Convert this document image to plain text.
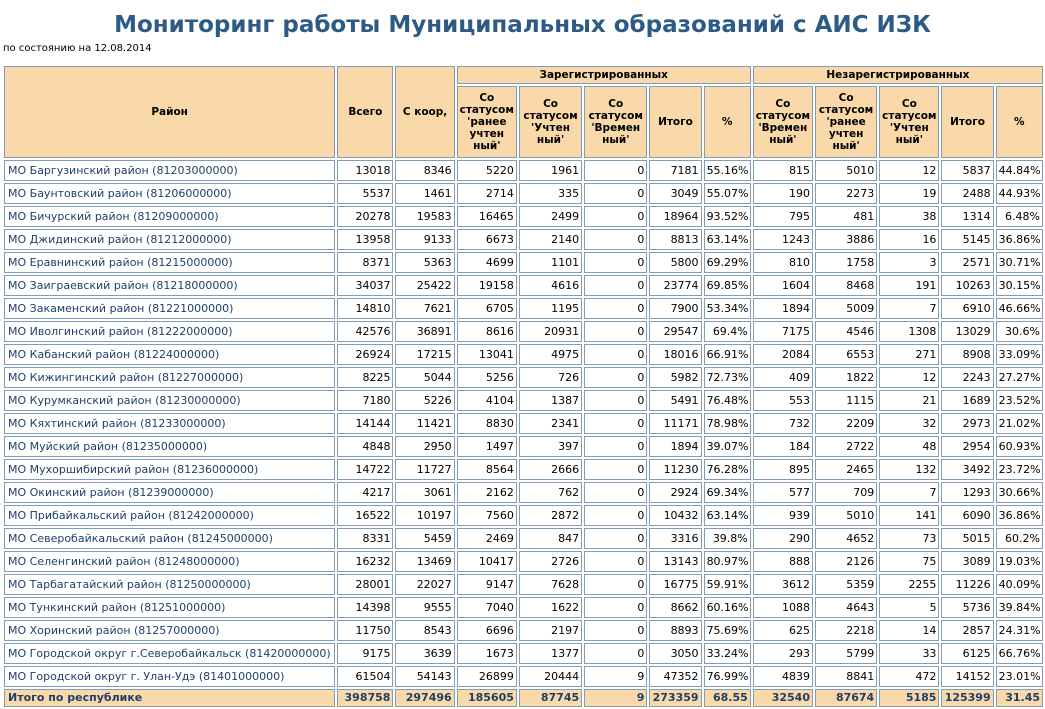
Мониторинг работы Муниципальных образований с АИС ИЗК
по состоянию на 12.08.2014
Район	Всего	С коор,	Зарегистрированных					Незарегистрированных				
			Со статусом 'ранее учтен ный'	Со статусом 'Учтен ный'	Со статусом 'Времен ный'	Итого	%	Со статусом 'Времен ный'	Со статусом 'ранее учтен ный'	Со статусом 'Учтен ный'	Итого	%
МО Баргузинский район (81203000000)	13018	8346	5220	1961	0	7181	55.16%	815	5010	12	5837	44.84%
МО Баунтовский район (81206000000)	5537	1461	2714	335	0	3049	55.07%	190	2273	19	2488	44.93%
МО Бичурский район (81209000000)	20278	19583	16465	2499	0	18964	93.52%	795	481	38	1314	6.48%
МО Джидинский район (81212000000)	13958	9133	6673	2140	0	8813	63.14%	1243	3886	16	5145	36.86%
МО Еравнинский район (81215000000)	8371	5363	4699	1101	0	5800	69.29%	810	1758	3	2571	30.71%
МО Заиграевский район (81218000000)	34037	25422	19158	4616	0	23774	69.85%	1604	8468	191	10263	30.15%
МО Закаменский район (81221000000)	14810	7621	6705	1195	0	7900	53.34%	1894	5009	7	6910	46.66%
МО Иволгинский район (81222000000)	42576	36891	8616	20931	0	29547	69.4%	7175	4546	1308	13029	30.6%
МО Кабанский район (81224000000)	26924	17215	13041	4975	0	18016	66.91%	2084	6553	271	8908	33.09%
МО Кижингинский район (81227000000)	8225	5044	5256	726	0	5982	72.73%	409	1822	12	2243	27.27%
МО Курумканский район (81230000000)	7180	5226	4104	1387	0	5491	76.48%	553	1115	21	1689	23.52%
МО Кяхтинский район (81233000000)	14144	11421	8830	2341	0	11171	78.98%	732	2209	32	2973	21.02%
МО Муйский район (81235000000)	4848	2950	1497	397	0	1894	39.07%	184	2722	48	2954	60.93%
МО Мухоршибирский район (81236000000)	14722	11727	8564	2666	0	11230	76.28%	895	2465	132	3492	23.72%
МО Окинский район (81239000000)	4217	3061	2162	762	0	2924	69.34%	577	709	7	1293	30.66%
МО Прибайкальский район (81242000000)	16522	10197	7560	2872	0	10432	63.14%	939	5010	141	6090	36.86%
МО Северобайкальский район (81245000000)	8331	5459	2469	847	0	3316	39.8%	290	4652	73	5015	60.2%
МО Селенгинский район (81248000000)	16232	13469	10417	2726	0	13143	80.97%	888	2126	75	3089	19.03%
МО Тарбагатайский район (81250000000)	28001	22027	9147	7628	0	16775	59.91%	3612	5359	2255	11226	40.09%
МО Тункинский район (81251000000)	14398	9555	7040	1622	0	8662	60.16%	1088	4643	5	5736	39.84%
МО Хоринский район (81257000000)	11750	8543	6696	2197	0	8893	75.69%	625	2218	14	2857	24.31%
МО Городской округ г.Северобайкальск (81420000000)	9175	3639	1673	1377	0	3050	33.24%	293	5799	33	6125	66.76%
МО Городской округ г. Улан-Удэ (81401000000)	61504	54143	26899	20444	9	47352	76.99%	4839	8841	472	14152	23.01%
Итого по республике	398758	297496	185605	87745	9	273359	68.55	32540	87674	5185	125399	31.45
